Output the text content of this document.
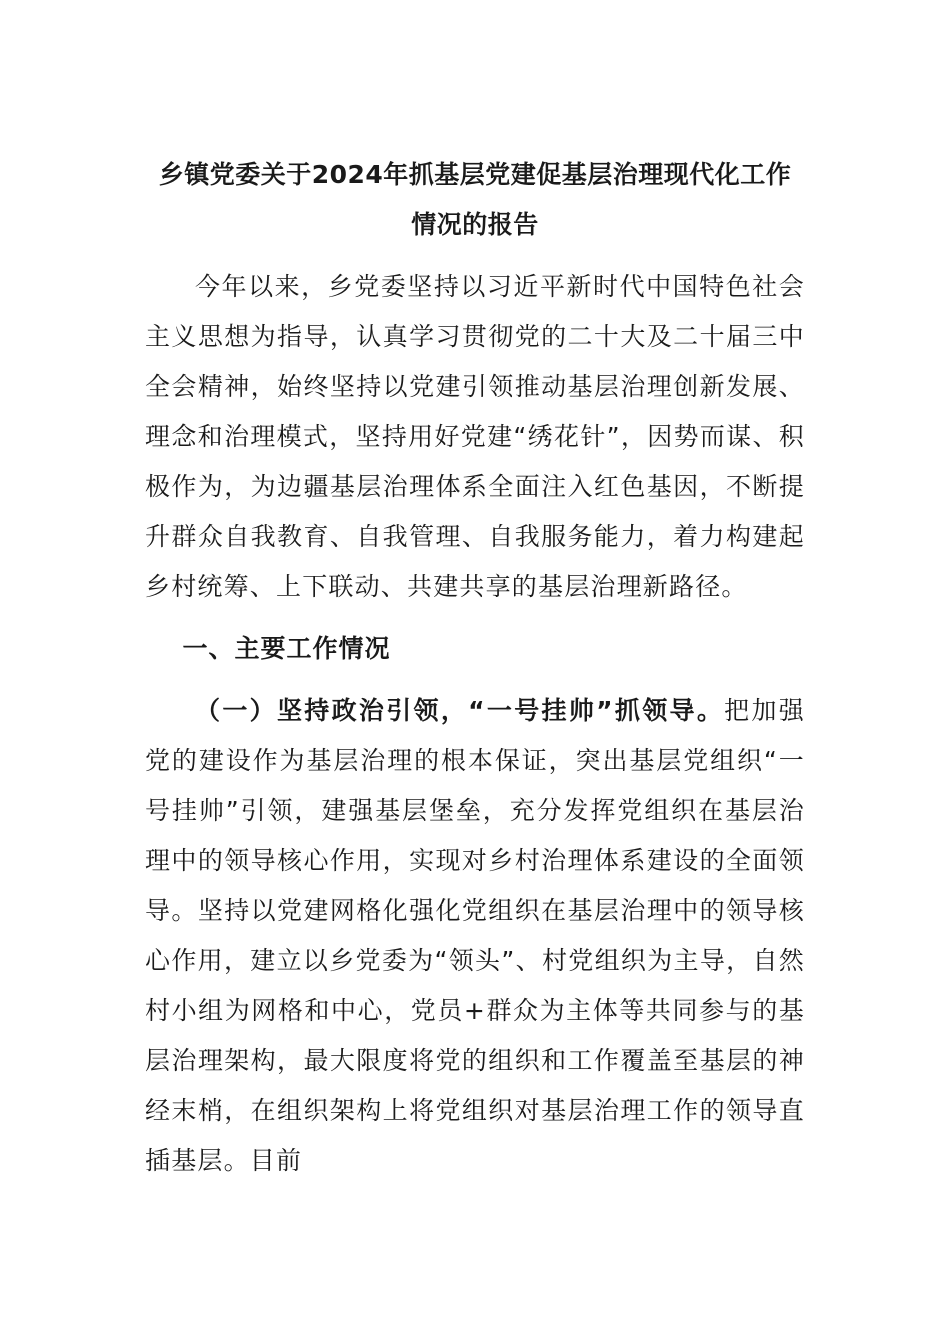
乡镇党委关于2024年抓基层党建促基层治理现代化工作
情况的报告

今年以来，乡党委坚持以习近平新时代中国特色社会主义思想为指导，认真学习贯彻党的二十大及二十届三中全会精神，始终坚持以党建引领推动基层治理创新发展、理念和治理模式，坚持用好党建“绣花针”，因势而谋、积极作为，为边疆基层治理体系全面注入红色基因，不断提升群众自我教育、自我管理、自我服务能力，着力构建起乡村统筹、上下联动、共建共享的基层治理新路径。

一、主要工作情况

（一）坚持政治引领，“一号挂帅”抓领导。把加强党的建设作为基层治理的根本保证，突出基层党组织“一号挂帅”引领，建强基层堡垒，充分发挥党组织在基层治理中的领导核心作用，实现对乡村治理体系建设的全面领导。坚持以党建网格化强化党组织在基层治理中的领导核心作用，建立以乡党委为“领头”、村党组织为主导，自然村小组为网格和中心，党员+群众为主体等共同参与的基层治理架构，最大限度将党的组织和工作覆盖至基层的神经末梢，在组织架构上将党组织对基层治理工作的领导直插基层。目前
